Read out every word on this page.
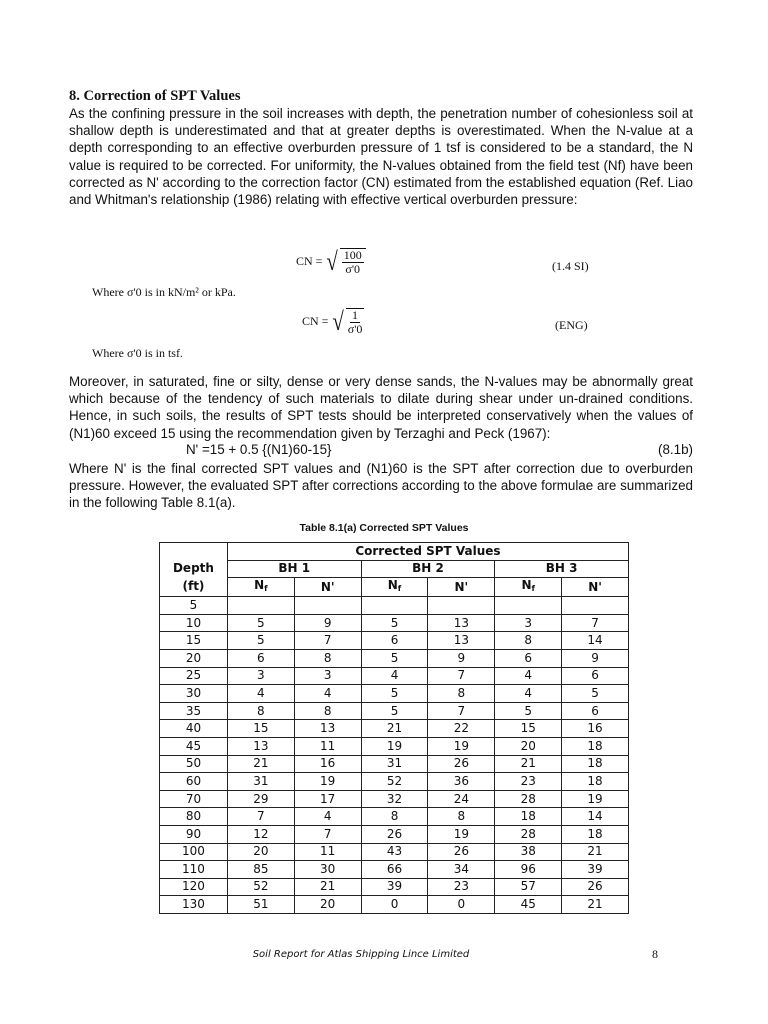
8. Correction of SPT Values

As the confining pressure in the soil increases with depth, the penetration number of cohesionless soil at shallow depth is underestimated and that at greater depths is overestimated. When the N-value at a depth corresponding to an effective overburden pressure of 1 tsf is considered to be a standard, the N value is required to be corrected. For uniformity, the N-values obtained from the field test (Nf) have been corrected as N' according to the correction factor (CN) estimated from the established equation (Ref. Liao and Whitman's relationship (1986) relating with effective vertical overburden pressure:

CN = √ $\frac{100}{\sigma'0}$	(1.4 SI)
Where σ'0 is in kN/m² or kPa.
CN = √ $\frac{1}{\sigma'0}$	(ENG)
Where σ'0 is in tsf.

Moreover, in saturated, fine or silty, dense or very dense sands, the N-values may be abnormally great which because of the tendency of such materials to dilate during shear under un-drained conditions. Hence, in such soils, the results of SPT tests should be interpreted conservatively when the values of (N1)60 exceed 15 using the recommendation given by Terzaghi and Peck (1967):

N' =15 + 0.5 {(N1)60-15}	(8.1b)

Where N' is the final corrected SPT values and (N1)60 is the SPT after correction due to overburden pressure. However, the evaluated SPT after corrections according to the above formulae are summarized in the following Table 8.1(a).

Table 8.1(a) Corrected SPT Values
	Corrected SPT Values					
Depth	BH 1		BH 2		BH 3	
(ft)	$N_f$	N'	$N_f$	N'	$N_f$	N'
5						
10	5	9	5	13	3	7
15	5	7	6	13	8	14
20	6	8	5	9	6	9
25	3	3	4	7	4	6
30	4	4	5	8	4	5
35	8	8	5	7	5	6
40	15	13	21	22	15	16
45	13	11	19	19	20	18
50	21	16	31	26	21	18
60	31	19	52	36	23	18
70	29	17	32	24	28	19
80	7	4	8	8	18	14
90	12	7	26	19	28	18
100	20	11	43	26	38	21
110	85	30	66	34	96	39
120	52	21	39	23	57	26
130	51	20	0	0	45	21
Soil Report for Atlas Shipping Lince Limited	8
